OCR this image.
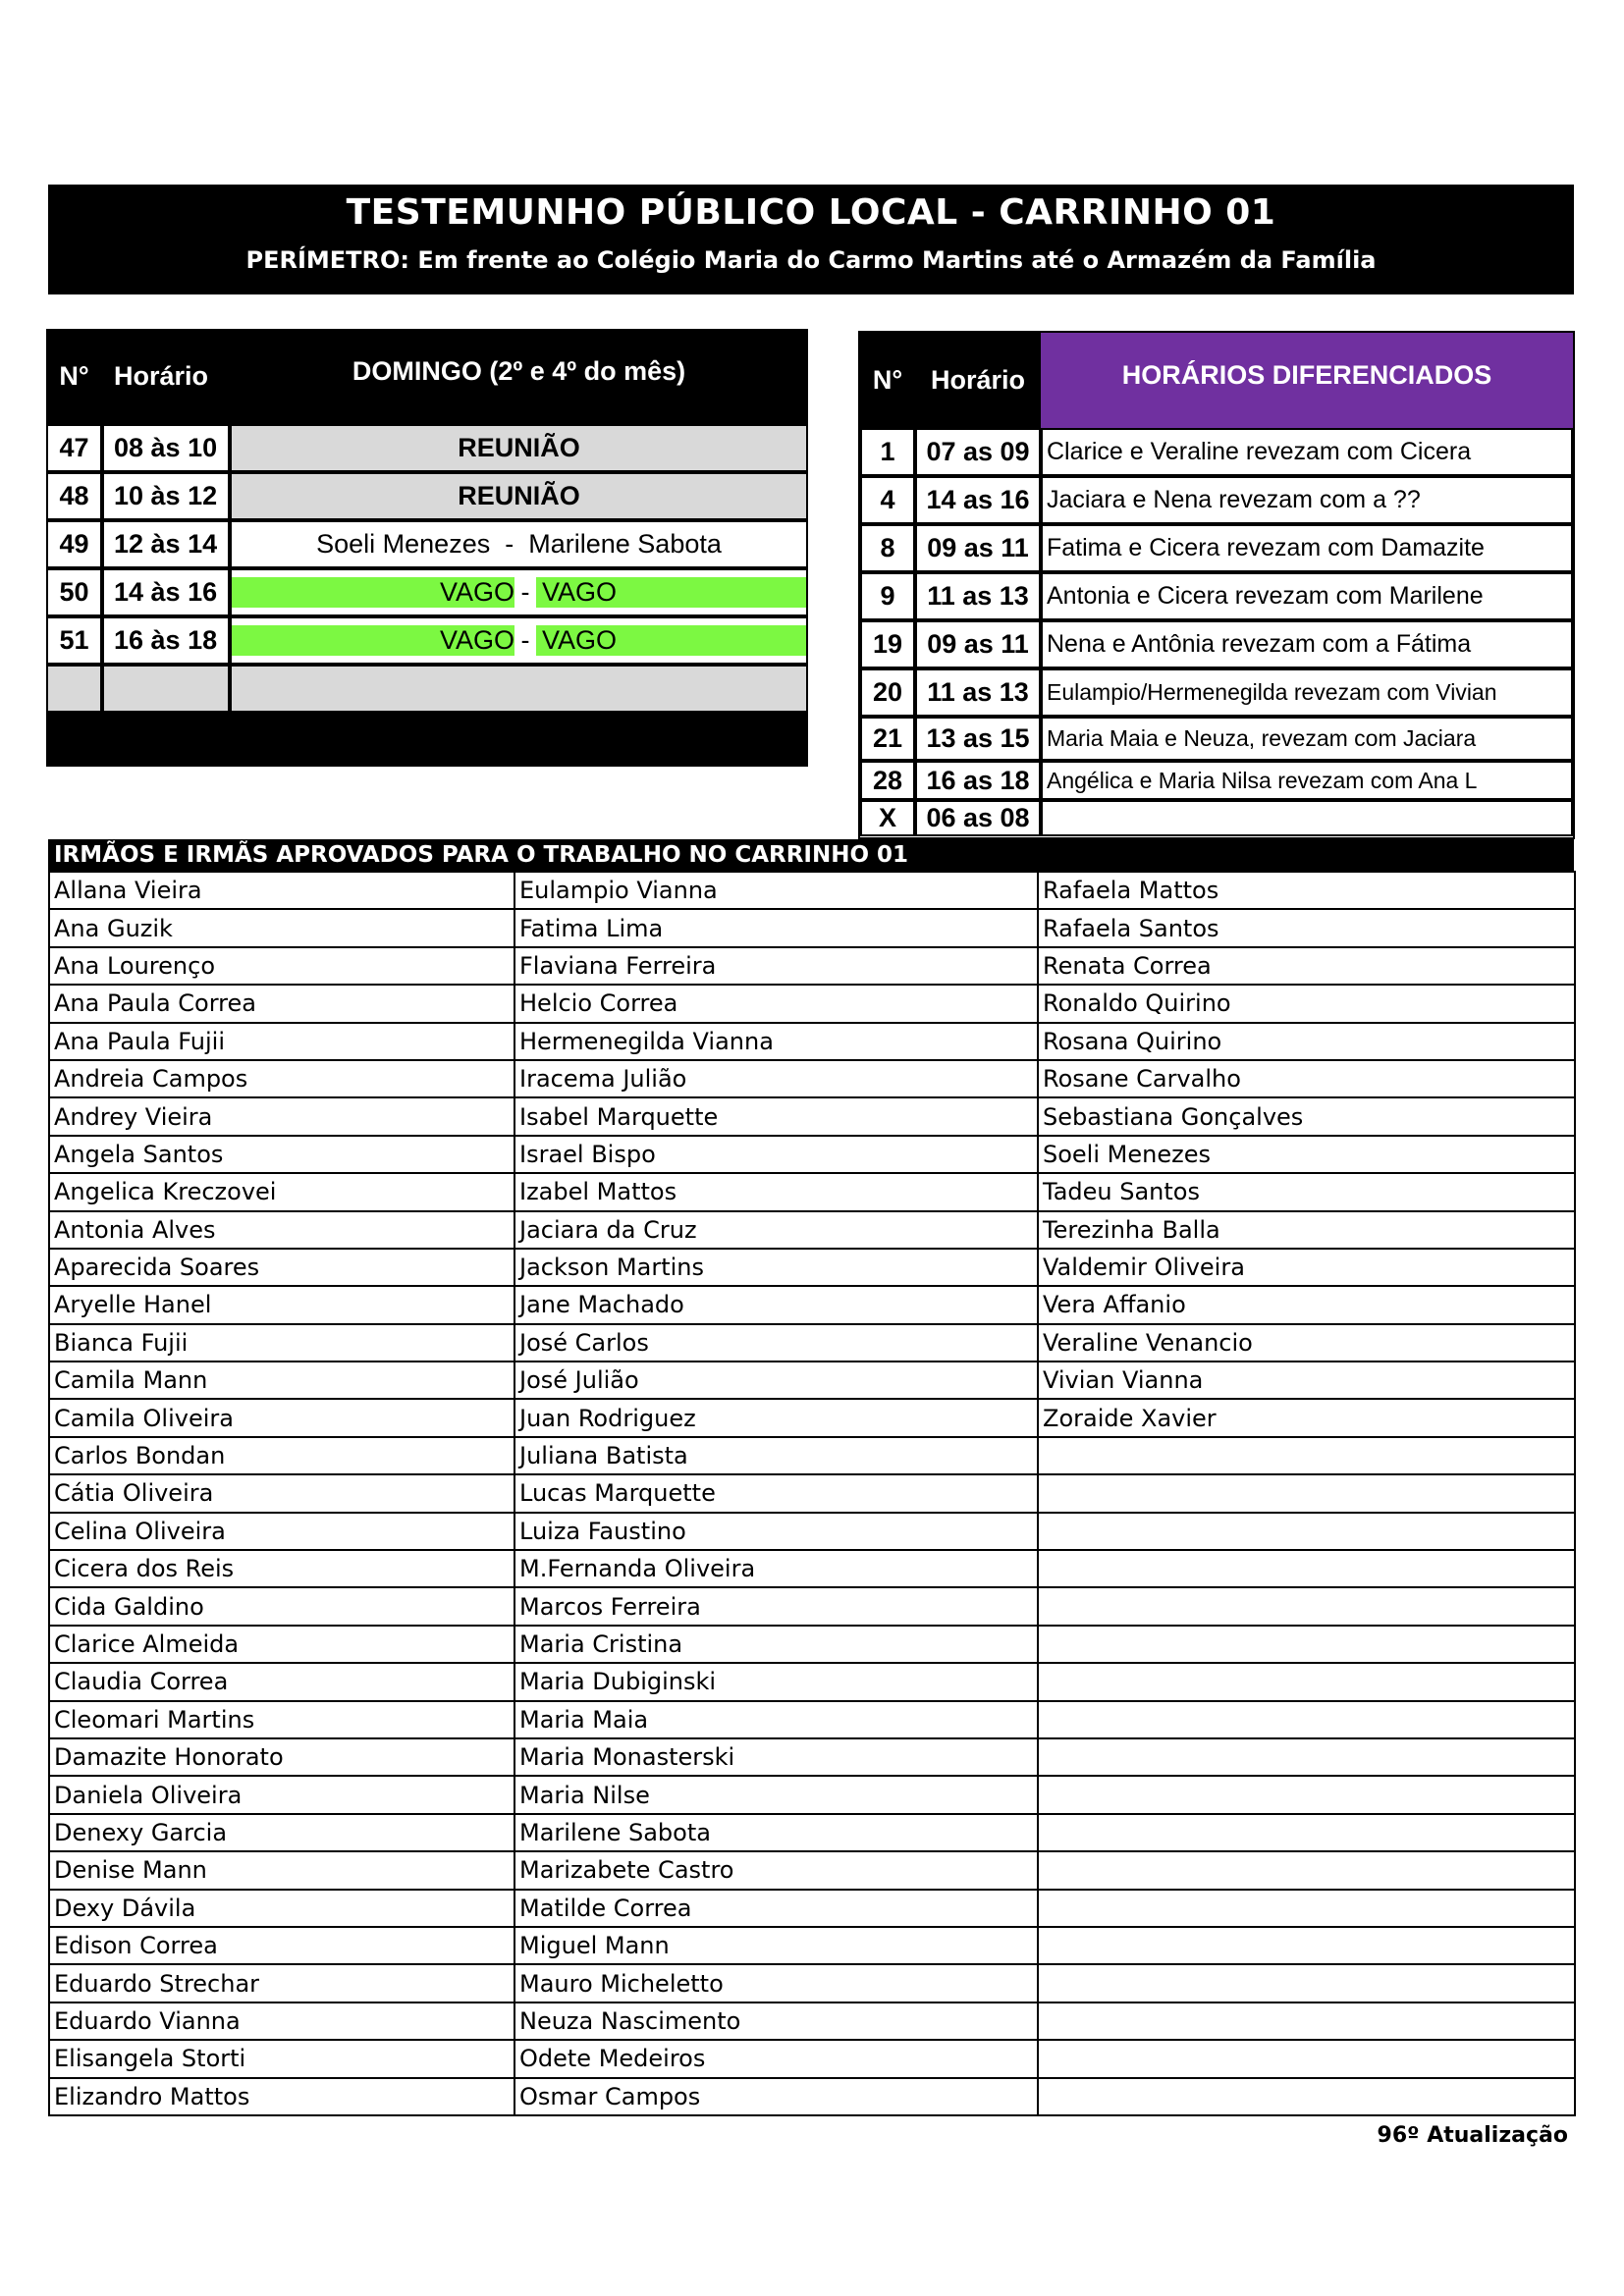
TESTEMUNHO PÚBLICO LOCAL - CARRINHO 01
PERÍMETRO: Em frente ao Colégio Maria do Carmo Martins até o Armazém da Família
N°	Horário	DOMINGO (2º e 4º do mês)
47	08 às 10	REUNIÃO
48	10 às 12	REUNIÃO
49	12 às 14	Soeli Menezes - Marilene Sabota
50	14 às 16	VAGO - VAGO

51	16 às 18	VAGO - VAGO

N°	Horário	HORÁRIOS DIFERENCIADOS
1	07 as 09	Clarice e Veraline revezam com Cicera
4	14 as 16	Jaciara e Nena revezam com a ??
8	09 as 11	Fatima e Cicera revezam com Damazite
9	11 as 13	Antonia e Cicera revezam com Marilene
19	09 as 11	Nena e Antônia revezam com a Fátima
20	11 as 13	Eulampio/Hermenegilda revezam com Vivian
21	13 as 15	Maria Maia e Neuza, revezam com Jaciara
28	16 as 18	Angélica e Maria Nilsa revezam com Ana L
X	06 as 08	
IRMÃOS E IRMÃS APROVADOS PARA O TRABALHO NO CARRINHO 01
Allana Vieira	Eulampio Vianna	Rafaela Mattos
Ana Guzik	Fatima Lima	Rafaela Santos
Ana Lourenço	Flaviana Ferreira	Renata Correa
Ana Paula Correa	Helcio Correa	Ronaldo Quirino
Ana Paula Fujii	Hermenegilda Vianna	Rosana Quirino
Andreia Campos	Iracema Julião	Rosane Carvalho
Andrey Vieira	Isabel Marquette	Sebastiana Gonçalves
Angela Santos	Israel Bispo	Soeli Menezes
Angelica Kreczovei	Izabel Mattos	Tadeu Santos
Antonia Alves	Jaciara da Cruz	Terezinha Balla
Aparecida Soares	Jackson Martins	Valdemir Oliveira
Aryelle Hanel	Jane Machado	Vera Affanio
Bianca Fujii	José Carlos	Veraline Venancio
Camila Mann	José Julião	Vivian Vianna
Camila Oliveira	Juan Rodriguez	Zoraide Xavier
Carlos Bondan	Juliana Batista	
Cátia Oliveira	Lucas Marquette	
Celina Oliveira	Luiza Faustino	
Cicera dos Reis	M.Fernanda Oliveira	
Cida Galdino	Marcos Ferreira	
Clarice Almeida	Maria Cristina	
Claudia Correa	Maria Dubiginski	
Cleomari Martins	Maria Maia	
Damazite Honorato	Maria Monasterski	
Daniela Oliveira	Maria Nilse	
Denexy Garcia	Marilene Sabota	
Denise Mann	Marizabete Castro	
Dexy Dávila	Matilde Correa	
Edison Correa	Miguel Mann	
Eduardo Strechar	Mauro Micheletto	
Eduardo Vianna	Neuza Nascimento	
Elisangela Storti	Odete Medeiros	
Elizandro Mattos	Osmar Campos	
96º Atualização
